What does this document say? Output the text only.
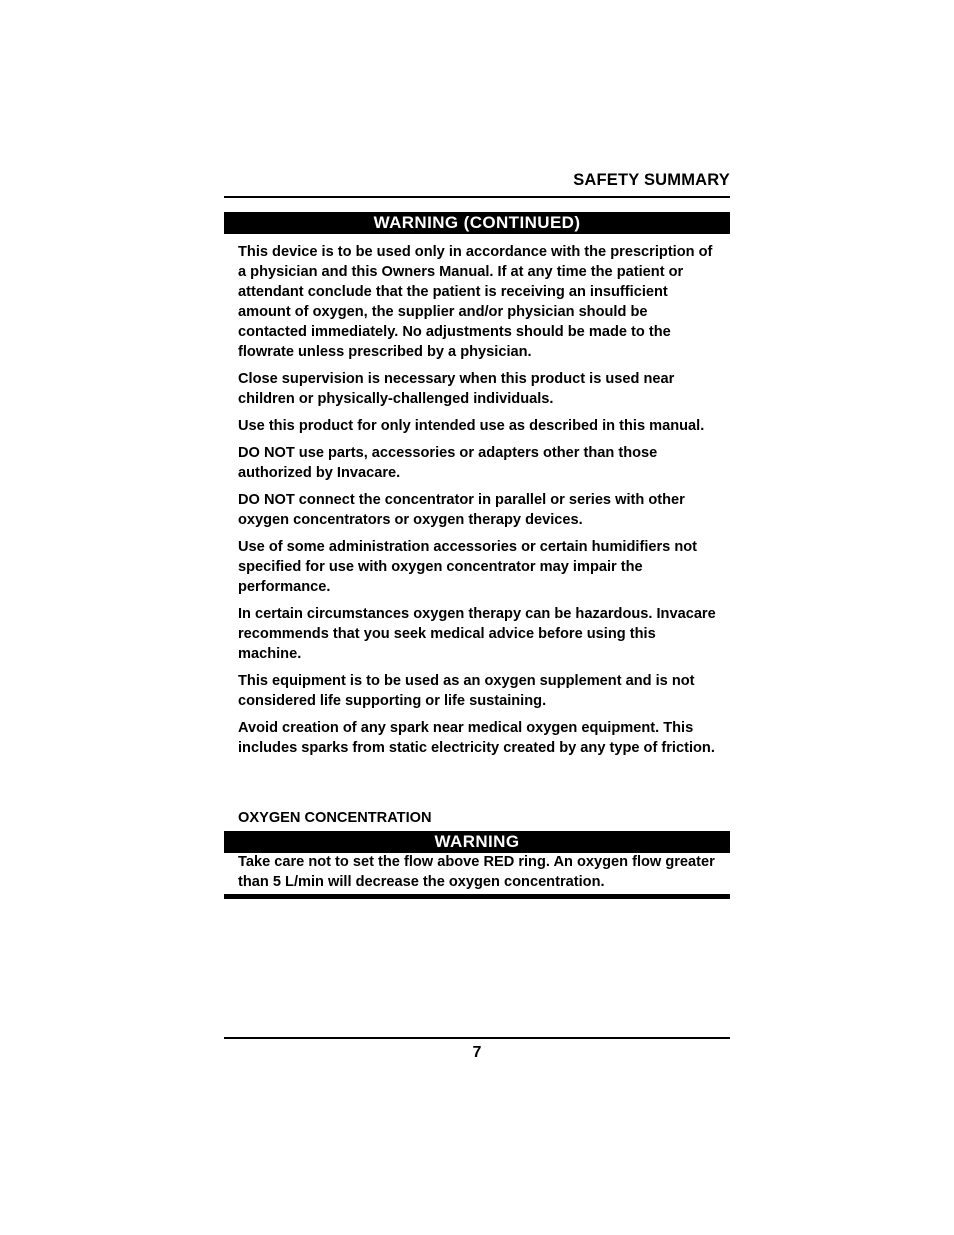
SAFETY SUMMARY
WARNING (CONTINUED)

This device is to be used only in accordance with the prescription of a physician and this Owners Manual. If at any time the patient or attendant conclude that the patient is receiving an insufficient amount of oxygen, the supplier and/or physician should be contacted immediately. No adjustments should be made to the flowrate unless prescribed by a physician.

Close supervision is necessary when this product is used near children or physically-challenged individuals.

Use this product for only intended use as described in this manual.

DO NOT use parts, accessories or adapters other than those authorized by Invacare.

DO NOT connect the concentrator in parallel or series with other oxygen concentrators or oxygen therapy devices.

Use of some administration accessories or certain humidifiers not specified for use with oxygen concentrator may impair the performance.

In certain circumstances oxygen therapy can be hazardous. Invacare recommends that you seek medical advice before using this machine.

This equipment is to be used as an oxygen supplement and is not considered life supporting or life sustaining.

Avoid creation of any spark near medical oxygen equipment. This includes sparks from static electricity created by any type of friction.

OXYGEN CONCENTRATION
WARNING

Take care not to set the flow above RED ring. An oxygen flow greater than 5 L/min will decrease the oxygen concentration.

7
